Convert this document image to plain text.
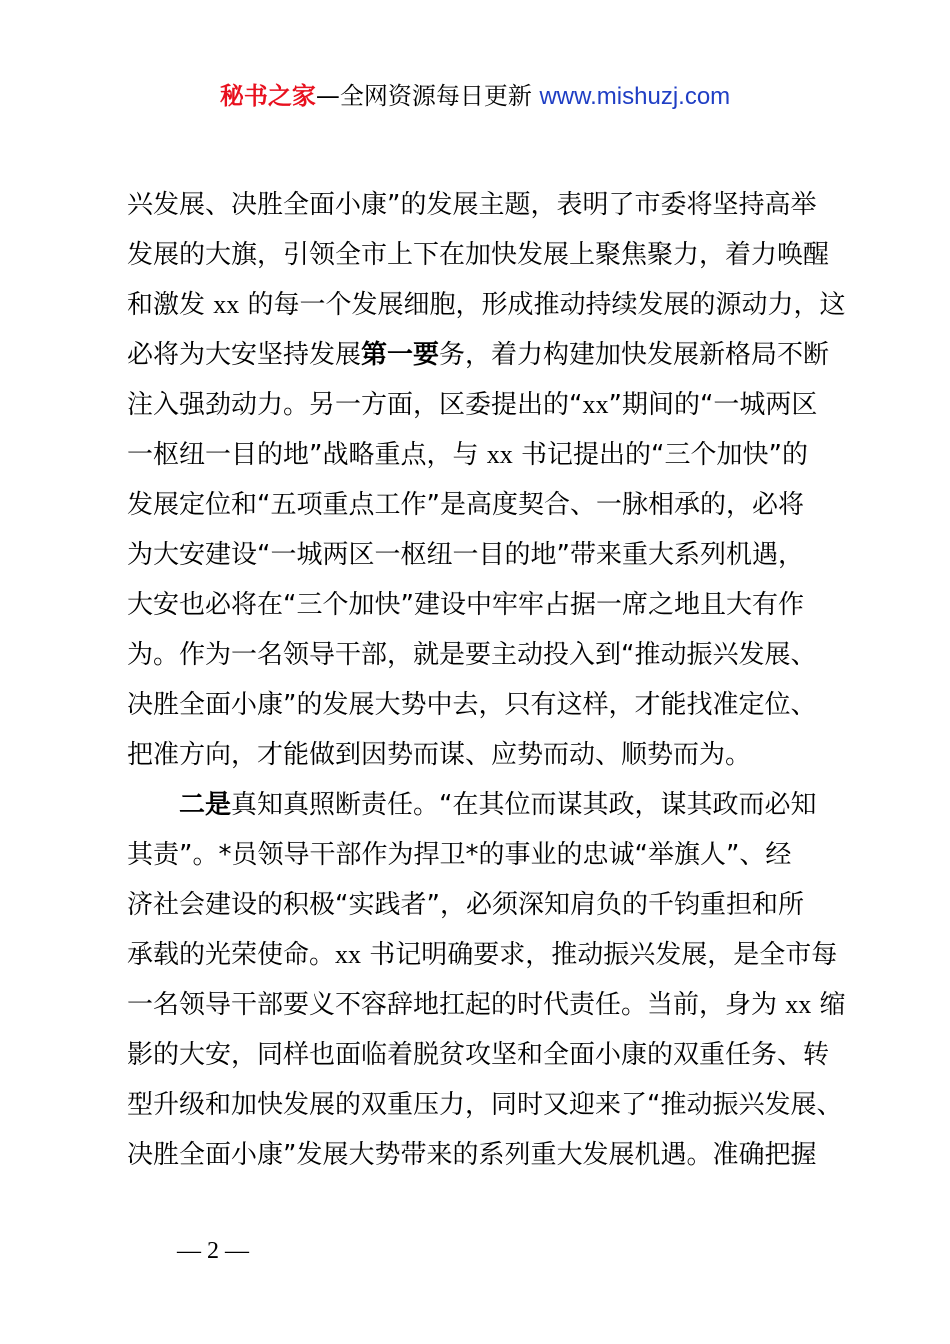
秘书之家—全网资源每日更新 www.mishuzj.com
兴发展、决胜全面小康”的发展主题，表明了市委将坚持高举
发展的大旗，引领全市上下在加快发展上聚焦聚力，着力唤醒
和激发 xx 的每一个发展细胞，形成推动持续发展的源动力，这
必将为大安坚持发展第一要务，着力构建加快发展新格局不断
注入强劲动力。另一方面，区委提出的“xx”期间的“一城两区
一枢纽一目的地”战略重点，与 xx 书记提出的“三个加快”的
发展定位和“五项重点工作”是高度契合、一脉相承的，必将
为大安建设“一城两区一枢纽一目的地”带来重大系列机遇，
大安也必将在“三个加快”建设中牢牢占据一席之地且大有作
为。作为一名领导干部，就是要主动投入到“推动振兴发展、
决胜全面小康”的发展大势中去，只有这样，才能找准定位、
把准方向，才能做到因势而谋、应势而动、顺势而为。
二是真知真照断责任。“在其位而谋其政，谋其政而必知
其责”。*员领导干部作为捍卫*的事业的忠诚“举旗人”、经
济社会建设的积极“实践者”，必须深知肩负的千钧重担和所
承载的光荣使命。xx 书记明确要求，推动振兴发展，是全市每
一名领导干部要义不容辞地扛起的时代责任。当前，身为 xx 缩
影的大安，同样也面临着脱贫攻坚和全面小康的双重任务、转
型升级和加快发展的双重压力，同时又迎来了“推动振兴发展、
决胜全面小康”发展大势带来的系列重大发展机遇。准确把握
— 2 —
